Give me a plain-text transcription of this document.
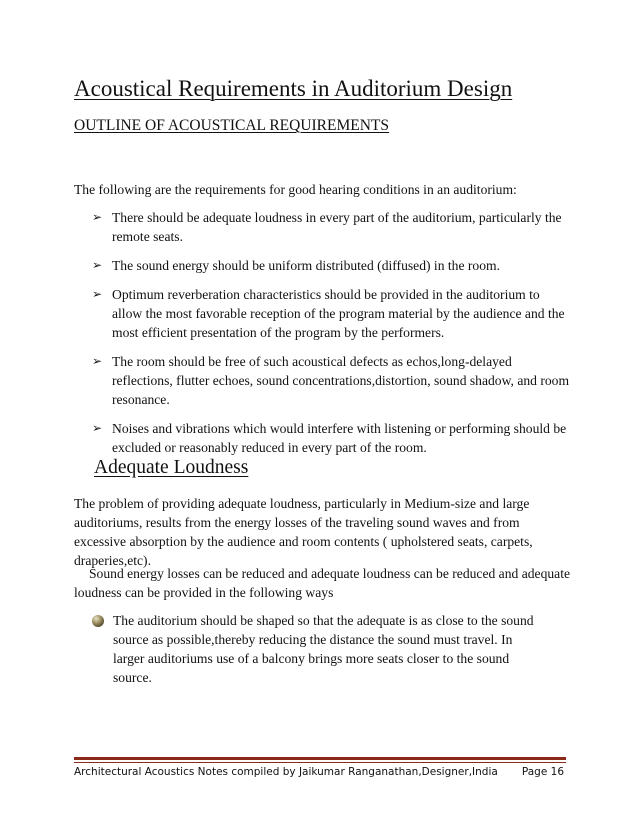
Acoustical Requirements in Auditorium Design
OUTLINE OF ACOUSTICAL REQUIREMENTS

The following are the requirements for good hearing conditions in an auditorium:

➢ There should be adequate loudness in every part of the auditorium, particularly the remote seats.
➢ The sound energy should be uniform distributed (diffused) in the room.
➢ Optimum reverberation characteristics should be provided in the auditorium to allow the most favorable reception of the program material by the audience and the most efficient presentation of the program by the performers.
➢ The room should be free of such acoustical defects as echos,long-delayed reflections, flutter echoes, sound concentrations,distortion, sound shadow, and room resonance.
➢ Noises and vibrations which would interfere with listening or performing should be excluded or reasonably reduced in every part of the room.
Adequate Loudness

The problem of providing adequate loudness, particularly in Medium-size and large auditoriums, results from the energy losses of the traveling sound waves and from excessive absorption by the audience and room contents ( upholstered seats, carpets, draperies,etc).

Sound energy losses can be reduced and adequate loudness can be reduced and adequate loudness can be provided in the following ways

The auditorium should be shaped so that the adequate is as close to the sound source as possible,thereby reducing the distance the sound must travel. In larger auditoriums use of a balcony brings more seats closer to the sound source.
Architectural Acoustics Notes compiled by Jaikumar Ranganathan,Designer,India Page 16
